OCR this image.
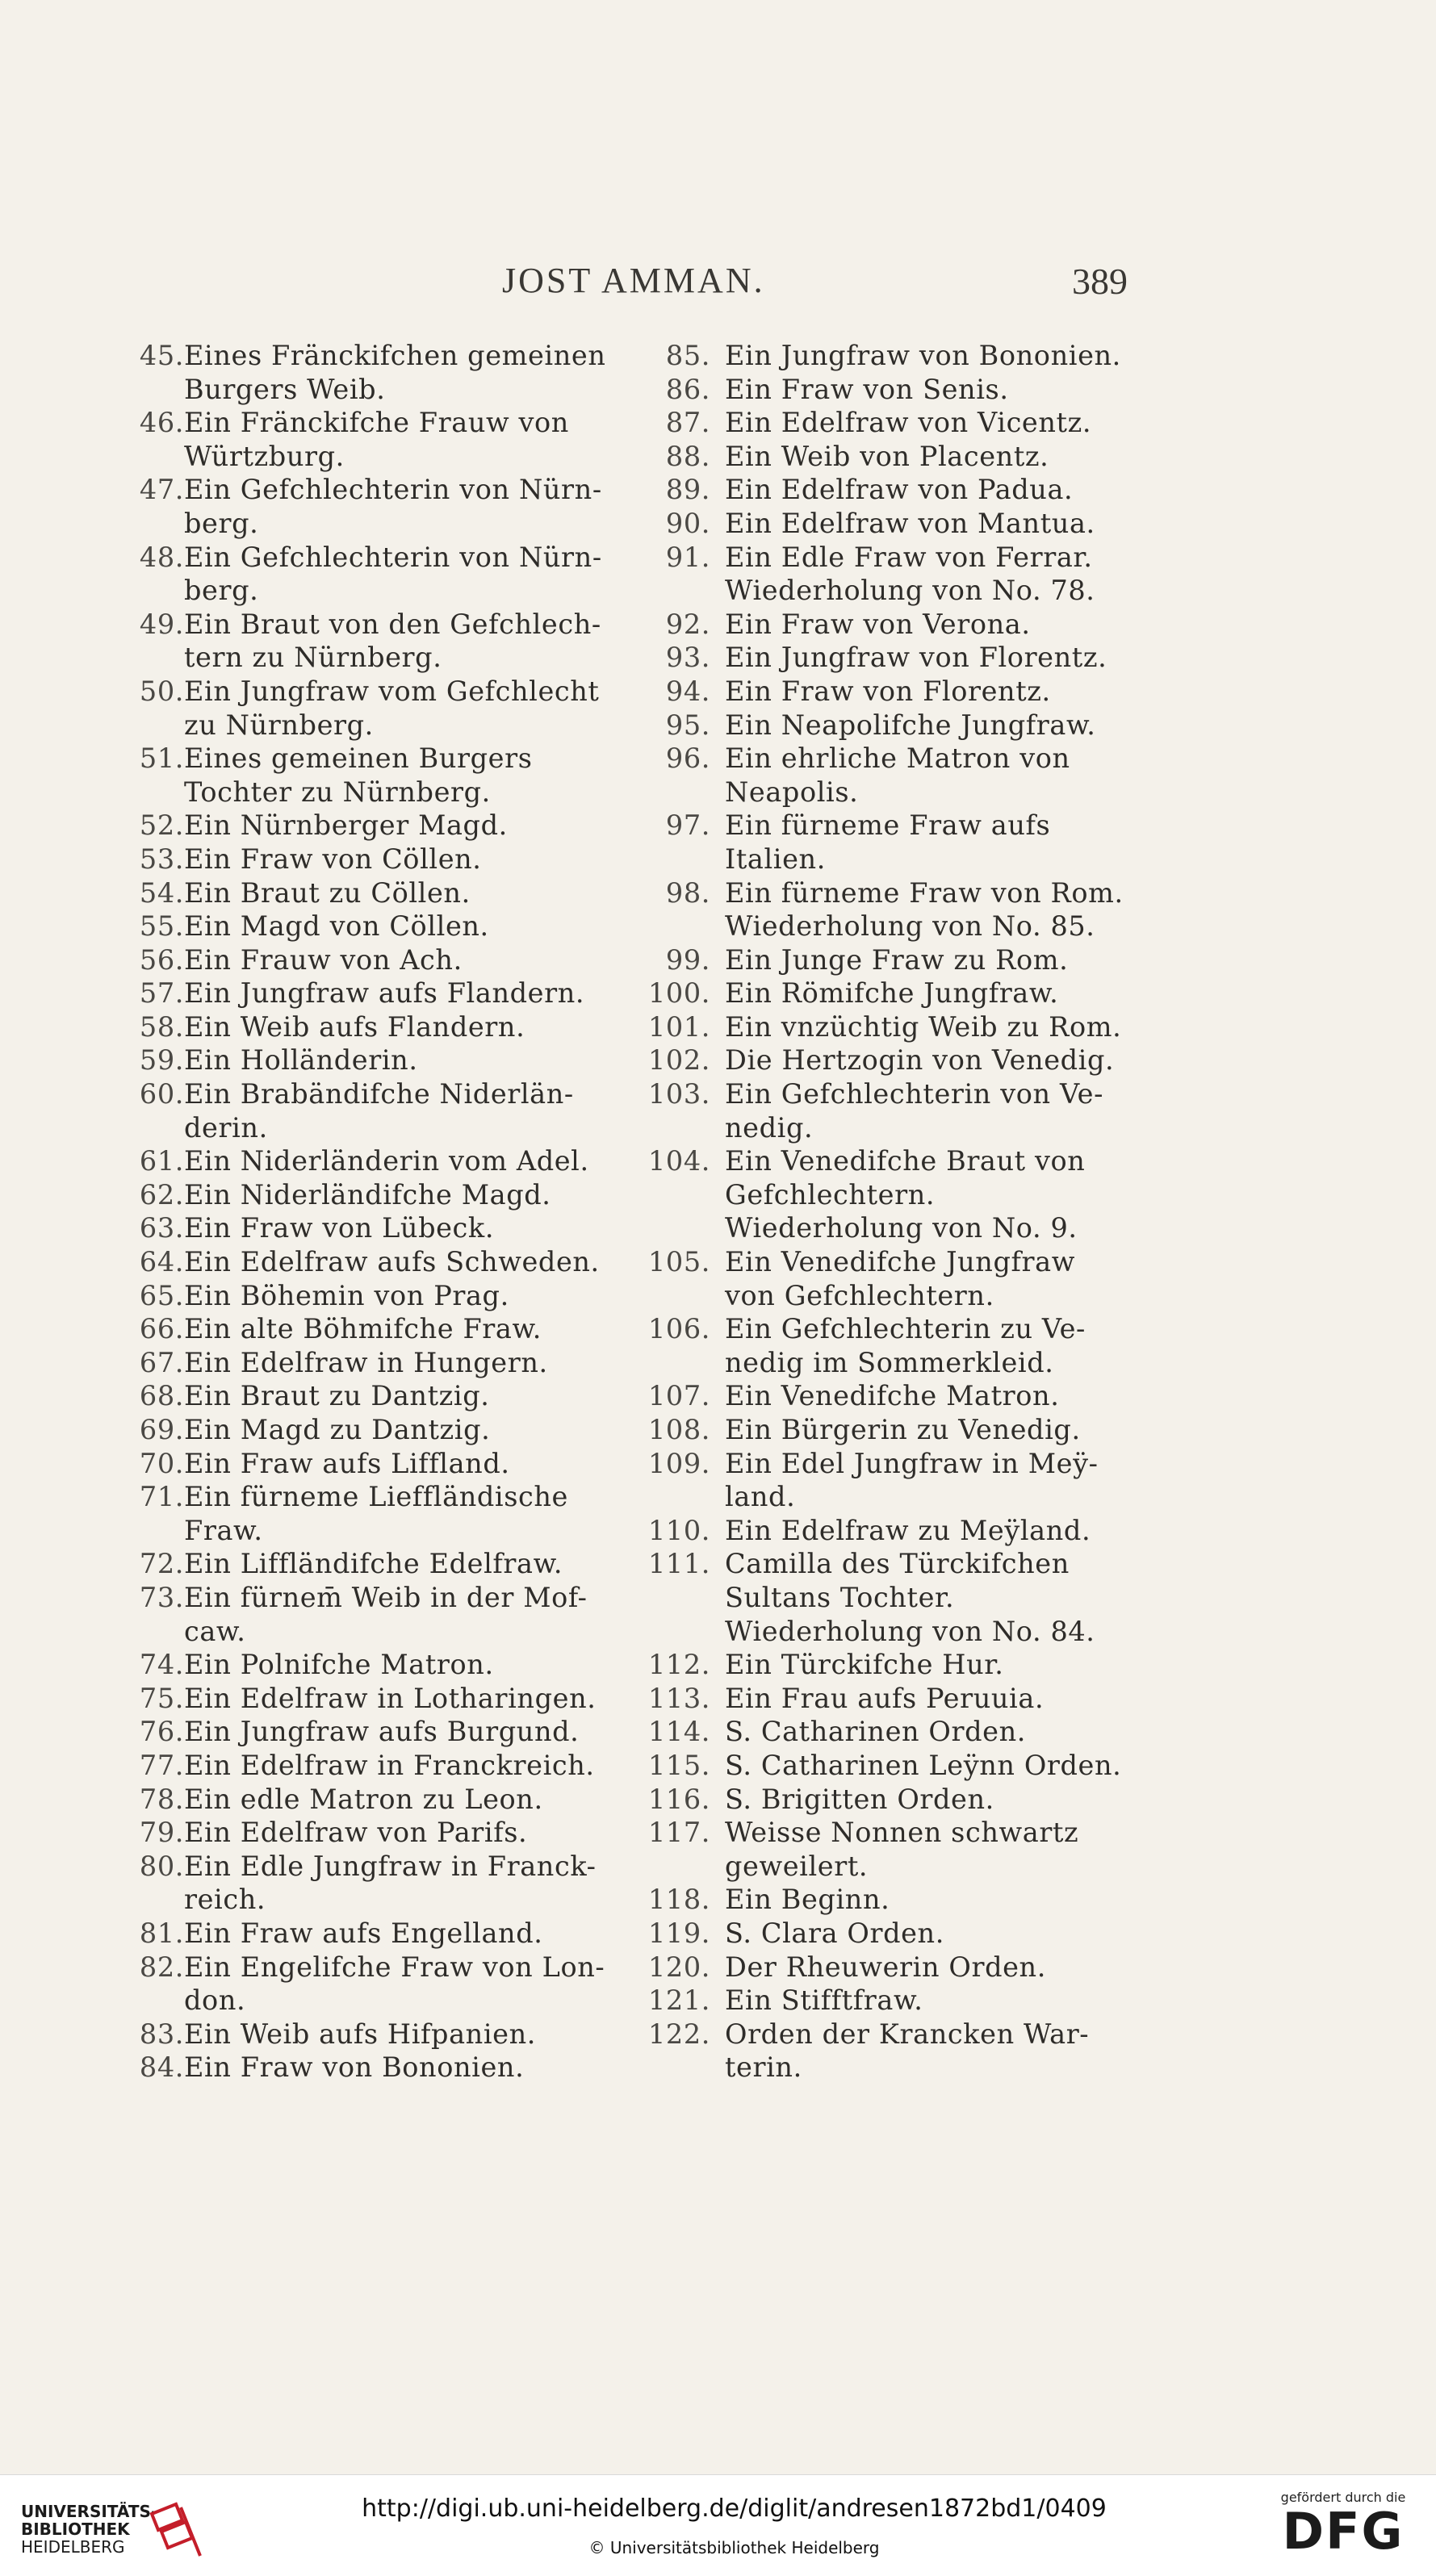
JOST AMMAN.	389
45. Eines Fränckifchen gemeinen
Burgers Weib.
46. Ein Fränckifche Frauw von
Würtzburg.
47. Ein Gefchlechterin von Nürn-
berg.
48. Ein Gefchlechterin von Nürn-
berg.
49. Ein Braut von den Gefchlech-
tern zu Nürnberg.
50. Ein Jungfraw vom Gefchlecht
zu Nürnberg.
51. Eines gemeinen Burgers
Tochter zu Nürnberg.
52. Ein Nürnberger Magd.
53. Ein Fraw von Cöllen.
54. Ein Braut zu Cöllen.
55. Ein Magd von Cöllen.
56. Ein Frauw von Ach.
57. Ein Jungfraw aufs Flandern.
58. Ein Weib aufs Flandern.
59. Ein Holländerin.
60. Ein Brabändifche Niderlän-
derin.
61. Ein Niderländerin vom Adel.
62. Ein Niderländifche Magd.
63. Ein Fraw von Lübeck.
64. Ein Edelfraw aufs Schweden.
65. Ein Böhemin von Prag.
66. Ein alte Böhmifche Fraw.
67. Ein Edelfraw in Hungern.
68. Ein Braut zu Dantzig.
69. Ein Magd zu Dantzig.
70. Ein Fraw aufs Liffland.
71. Ein fürneme Lieffländische
Fraw.
72. Ein Liffländifche Edelfraw.
73. Ein fürnem̄ Weib in der Mof-
caw.
74. Ein Polnifche Matron.
75. Ein Edelfraw in Lotharingen.
76. Ein Jungfraw aufs Burgund.
77. Ein Edelfraw in Franckreich.
78. Ein edle Matron zu Leon.
79. Ein Edelfraw von Parifs.
80. Ein Edle Jungfraw in Franck-
reich.
81. Ein Fraw aufs Engelland.
82. Ein Engelifche Fraw von Lon-
don.
83. Ein Weib aufs Hifpanien.
84. Ein Fraw von Bononien.
85. Ein Jungfraw von Bononien.
86. Ein Fraw von Senis.
87. Ein Edelfraw von Vicentz.
88. Ein Weib von Placentz.
89. Ein Edelfraw von Padua.
90. Ein Edelfraw von Mantua.
91. Ein Edle Fraw von Ferrar.
Wiederholung von No. 78.
92. Ein Fraw von Verona.
93. Ein Jungfraw von Florentz.
94. Ein Fraw von Florentz.
95. Ein Neapolifche Jungfraw.
96. Ein ehrliche Matron von
Neapolis.
97. Ein fürneme Fraw aufs
Italien.
98. Ein fürneme Fraw von Rom.
Wiederholung von No. 85.
99. Ein Junge Fraw zu Rom.
100. Ein Römifche Jungfraw.
101. Ein vnzüchtig Weib zu Rom.
102. Die Hertzogin von Venedig.
103. Ein Gefchlechterin von Ve-
nedig.
104. Ein Venedifche Braut von
Gefchlechtern.
Wiederholung von No. 9.
105. Ein Venedifche Jungfraw
von Gefchlechtern.
106. Ein Gefchlechterin zu Ve-
nedig im Sommerkleid.
107. Ein Venedifche Matron.
108. Ein Bürgerin zu Venedig.
109. Ein Edel Jungfraw in Meÿ-
land.
110. Ein Edelfraw zu Meÿland.
111. Camilla des Türckifchen
Sultans Tochter.
Wiederholung von No. 84.
112. Ein Türckifche Hur.
113. Ein Frau aufs Peruuia.
114. S. Catharinen Orden.
115. S. Catharinen Leÿnn Orden.
116. S. Brigitten Orden.
117. Weisse Nonnen schwartz
geweilert.
118. Ein Beginn.
119. S. Clara Orden.
120. Der Rheuwerin Orden.
121. Ein Stifftfraw.
122. Orden der Krancken War-
terin.
UNIVERSITÄTS-
BIBLIOTHEK
HEIDELBERG
http://digi.ub.uni-heidelberg.de/diglit/andresen1872bd1/0409
© Universitätsbibliothek Heidelberg
gefördert durch die
DFG
